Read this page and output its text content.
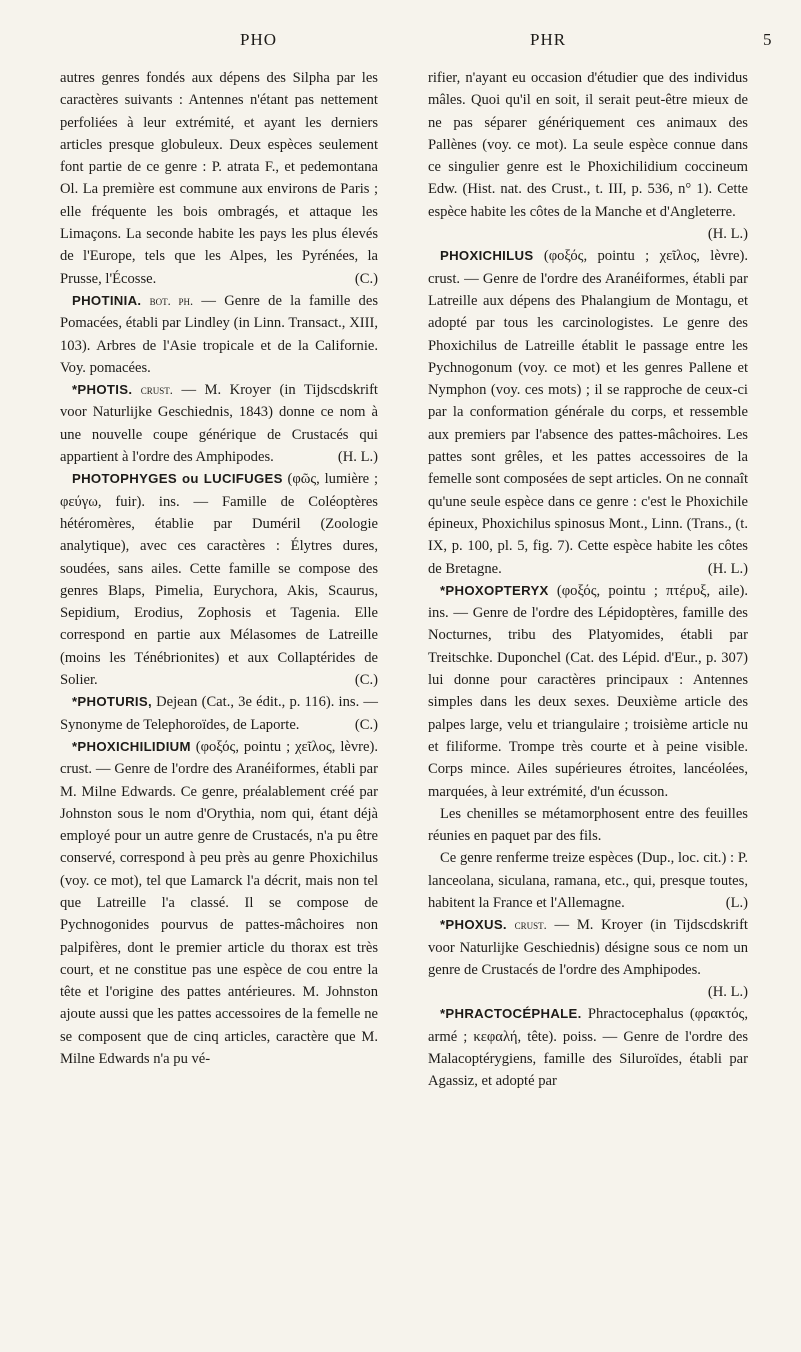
PHO	PHR	5

autres genres fondés aux dépens des Silpha par les caractères suivants : Antennes n'étant pas nettement perfoliées à leur extrémité, et ayant les derniers articles presque globuleux. Deux espèces seulement font partie de ce genre : P. atrata F., et pedemontana Ol. La première est commune aux environs de Paris ; elle fréquente les bois ombragés, et attaque les Limaçons. La seconde habite les pays les plus élevés de l'Europe, tels que les Alpes, les Pyrénées, la Prusse, l'Écosse.	(C.)

PHOTINIA. bot. ph. — Genre de la famille des Pomacées, établi par Lindley (in Linn. Transact., XIII, 103). Arbres de l'Asie tropicale et de la Californie. Voy. pomacées.

*PHOTIS. crust. — M. Kroyer (in Tijdscdskrift voor Naturlijke Geschiednis, 1843) donne ce nom à une nouvelle coupe générique de Crustacés qui appartient à l'ordre des Amphipodes.	(H. L.)

PHOTOPHYGES ou LUCIFUGES (φῶς, lumière ; φεύγω, fuir). ins. — Famille de Coléoptères hétéromères, établie par Duméril (Zoologie analytique), avec ces caractères : Élytres dures, soudées, sans ailes. Cette famille se compose des genres Blaps, Pimelia, Eurychora, Akis, Scaurus, Sepidium, Erodius, Zophosis et Tagenia. Elle correspond en partie aux Mélasomes de Latreille (moins les Ténébrionites) et aux Collaptérides de Solier.	(C.)

*PHOTURIS, Dejean (Cat., 3e édit., p. 116). ins. — Synonyme de Telephoroïdes, de Laporte.	(C.)

*PHOXICHILIDIUM (φοξός, pointu ; χεῖλος, lèvre). crust. — Genre de l'ordre des Aranéiformes, établi par M. Milne Edwards. Ce genre, préalablement créé par Johnston sous le nom d'Orythia, nom qui, étant déjà employé pour un autre genre de Crustacés, n'a pu être conservé, correspond à peu près au genre Phoxichilus (voy. ce mot), tel que Lamarck l'a décrit, mais non tel que Latreille l'a classé. Il se compose de Pychnogonides pourvus de pattes-mâchoires non palpifères, dont le premier article du thorax est très court, et ne constitue pas une espèce de cou entre la tête et l'origine des pattes antérieures. M. Johnston ajoute aussi que les pattes accessoires de la femelle ne se composent que de cinq articles, caractère que M. Milne Edwards n'a pu vé-

rifier, n'ayant eu occasion d'étudier que des individus mâles. Quoi qu'il en soit, il serait peut-être mieux de ne pas séparer génériquement ces animaux des Pallènes (voy. ce mot). La seule espèce connue dans ce singulier genre est le Phoxichilidium coccineum Edw. (Hist. nat. des Crust., t. III, p. 536, n° 1). Cette espèce habite les côtes de la Manche et d'Angleterre.
(H. L.)

PHOXICHILUS (φοξός, pointu ; χεῖλος, lèvre). crust. — Genre de l'ordre des Aranéiformes, établi par Latreille aux dépens des Phalangium de Montagu, et adopté par tous les carcinologistes. Le genre des Phoxichilus de Latreille établit le passage entre les Pychnogonum (voy. ce mot) et les genres Pallene et Nymphon (voy. ces mots) ; il se rapproche de ceux-ci par la conformation générale du corps, et ressemble aux premiers par l'absence des pattes-mâchoires. Les pattes sont grêles, et les pattes accessoires de la femelle sont composées de sept articles. On ne connaît qu'une seule espèce dans ce genre : c'est le Phoxichile épineux, Phoxichilus spinosus Mont., Linn. (Trans., (t. IX, p. 100, pl. 5, fig. 7). Cette espèce habite les côtes de Bretagne.	(H. L.)

*PHOXOPTERYX (φοξός, pointu ; πτέρυξ, aile). ins. — Genre de l'ordre des Lépidoptères, famille des Nocturnes, tribu des Platyomides, établi par Treitschke. Duponchel (Cat. des Lépid. d'Eur., p. 307) lui donne pour caractères principaux : Antennes simples dans les deux sexes. Deuxième article des palpes large, velu et triangulaire ; troisième article nu et filiforme. Trompe très courte et à peine visible. Corps mince. Ailes supérieures étroites, lancéolées, marquées, à leur extrémité, d'un écusson.

Les chenilles se métamorphosent entre des feuilles réunies en paquet par des fils.

Ce genre renferme treize espèces (Dup., loc. cit.) : P. lanceolana, siculana, ramana, etc., qui, presque toutes, habitent la France et l'Allemagne.	(L.)

*PHOXUS. crust. — M. Kroyer (in Tijdscdskrift voor Naturlijke Geschiednis) désigne sous ce nom un genre de Crustacés de l'ordre des Amphipodes.
(H. L.)

*PHRACTOCÉPHALE. Phractocephalus (φρακτός, armé ; κεφαλή, tête). poiss. — Genre de l'ordre des Malacoptérygiens, famille des Siluroïdes, établi par Agassiz, et adopté par
